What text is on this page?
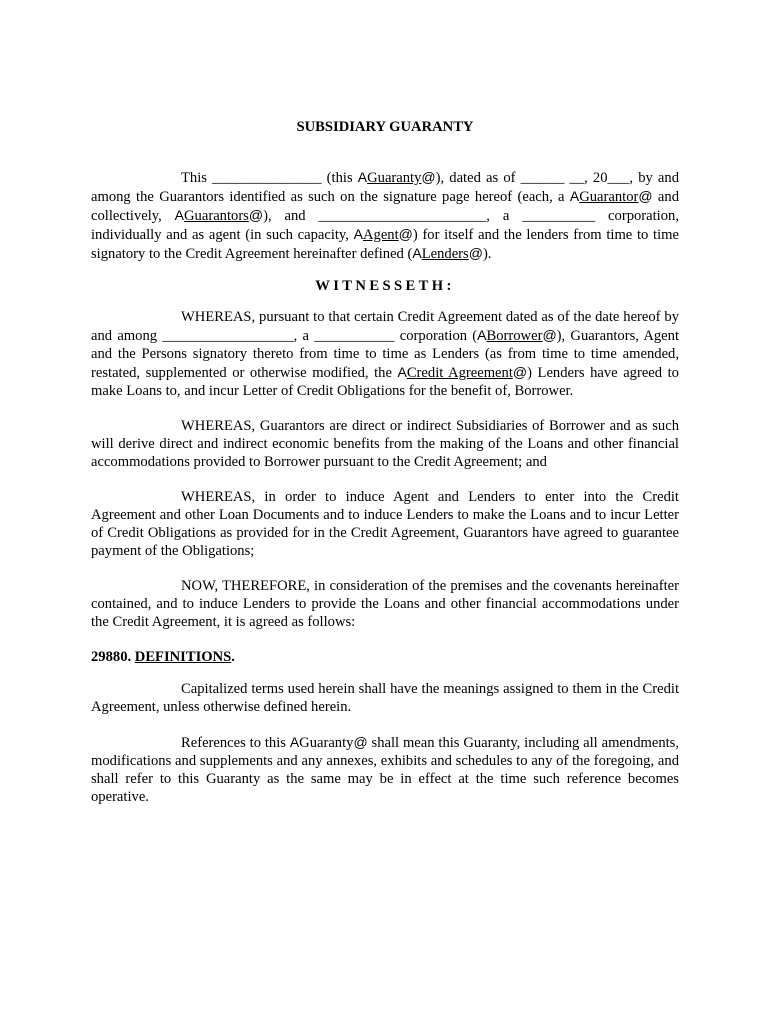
SUBSIDIARY GUARANTY

This _______________ (this AGuaranty@), dated as of ______ __, 20___, by and among the Guarantors identified as such on the signature page hereof (each, a AGuarantor@ and collectively, AGuarantors@), and _______________________, a __________ corporation, individually and as agent (in such capacity, AAgent@) for itself and the lenders from time to time signatory to the Credit Agreement hereinafter defined (ALenders@).

WITNESSETH:

WHEREAS, pursuant to that certain Credit Agreement dated as of the date hereof by and among __________________, a ___________ corporation (ABorrower@), Guarantors, Agent and the Persons signatory thereto from time to time as Lenders (as from time to time amended, restated, supplemented or otherwise modified, the ACredit Agreement@) Lenders have agreed to make Loans to, and incur Letter of Credit Obligations for the benefit of, Borrower.

WHEREAS, Guarantors are direct or indirect Subsidiaries of Borrower and as such will derive direct and indirect economic benefits from the making of the Loans and other financial accommodations provided to Borrower pursuant to the Credit Agreement; and

WHEREAS, in order to induce Agent and Lenders to enter into the Credit Agreement and other Loan Documents and to induce Lenders to make the Loans and to incur Letter of Credit Obligations as provided for in the Credit Agreement, Guarantors have agreed to guarantee payment of the Obligations;

NOW, THEREFORE, in consideration of the premises and the covenants hereinafter contained, and to induce Lenders to provide the Loans and other financial accommodations under the Credit Agreement, it is agreed as follows:

29880. DEFINITIONS.

Capitalized terms used herein shall have the meanings assigned to them in the Credit Agreement, unless otherwise defined herein.

References to this AGuaranty@ shall mean this Guaranty, including all amendments, modifications and supplements and any annexes, exhibits and schedules to any of the foregoing, and shall refer to this Guaranty as the same may be in effect at the time such reference becomes operative.
